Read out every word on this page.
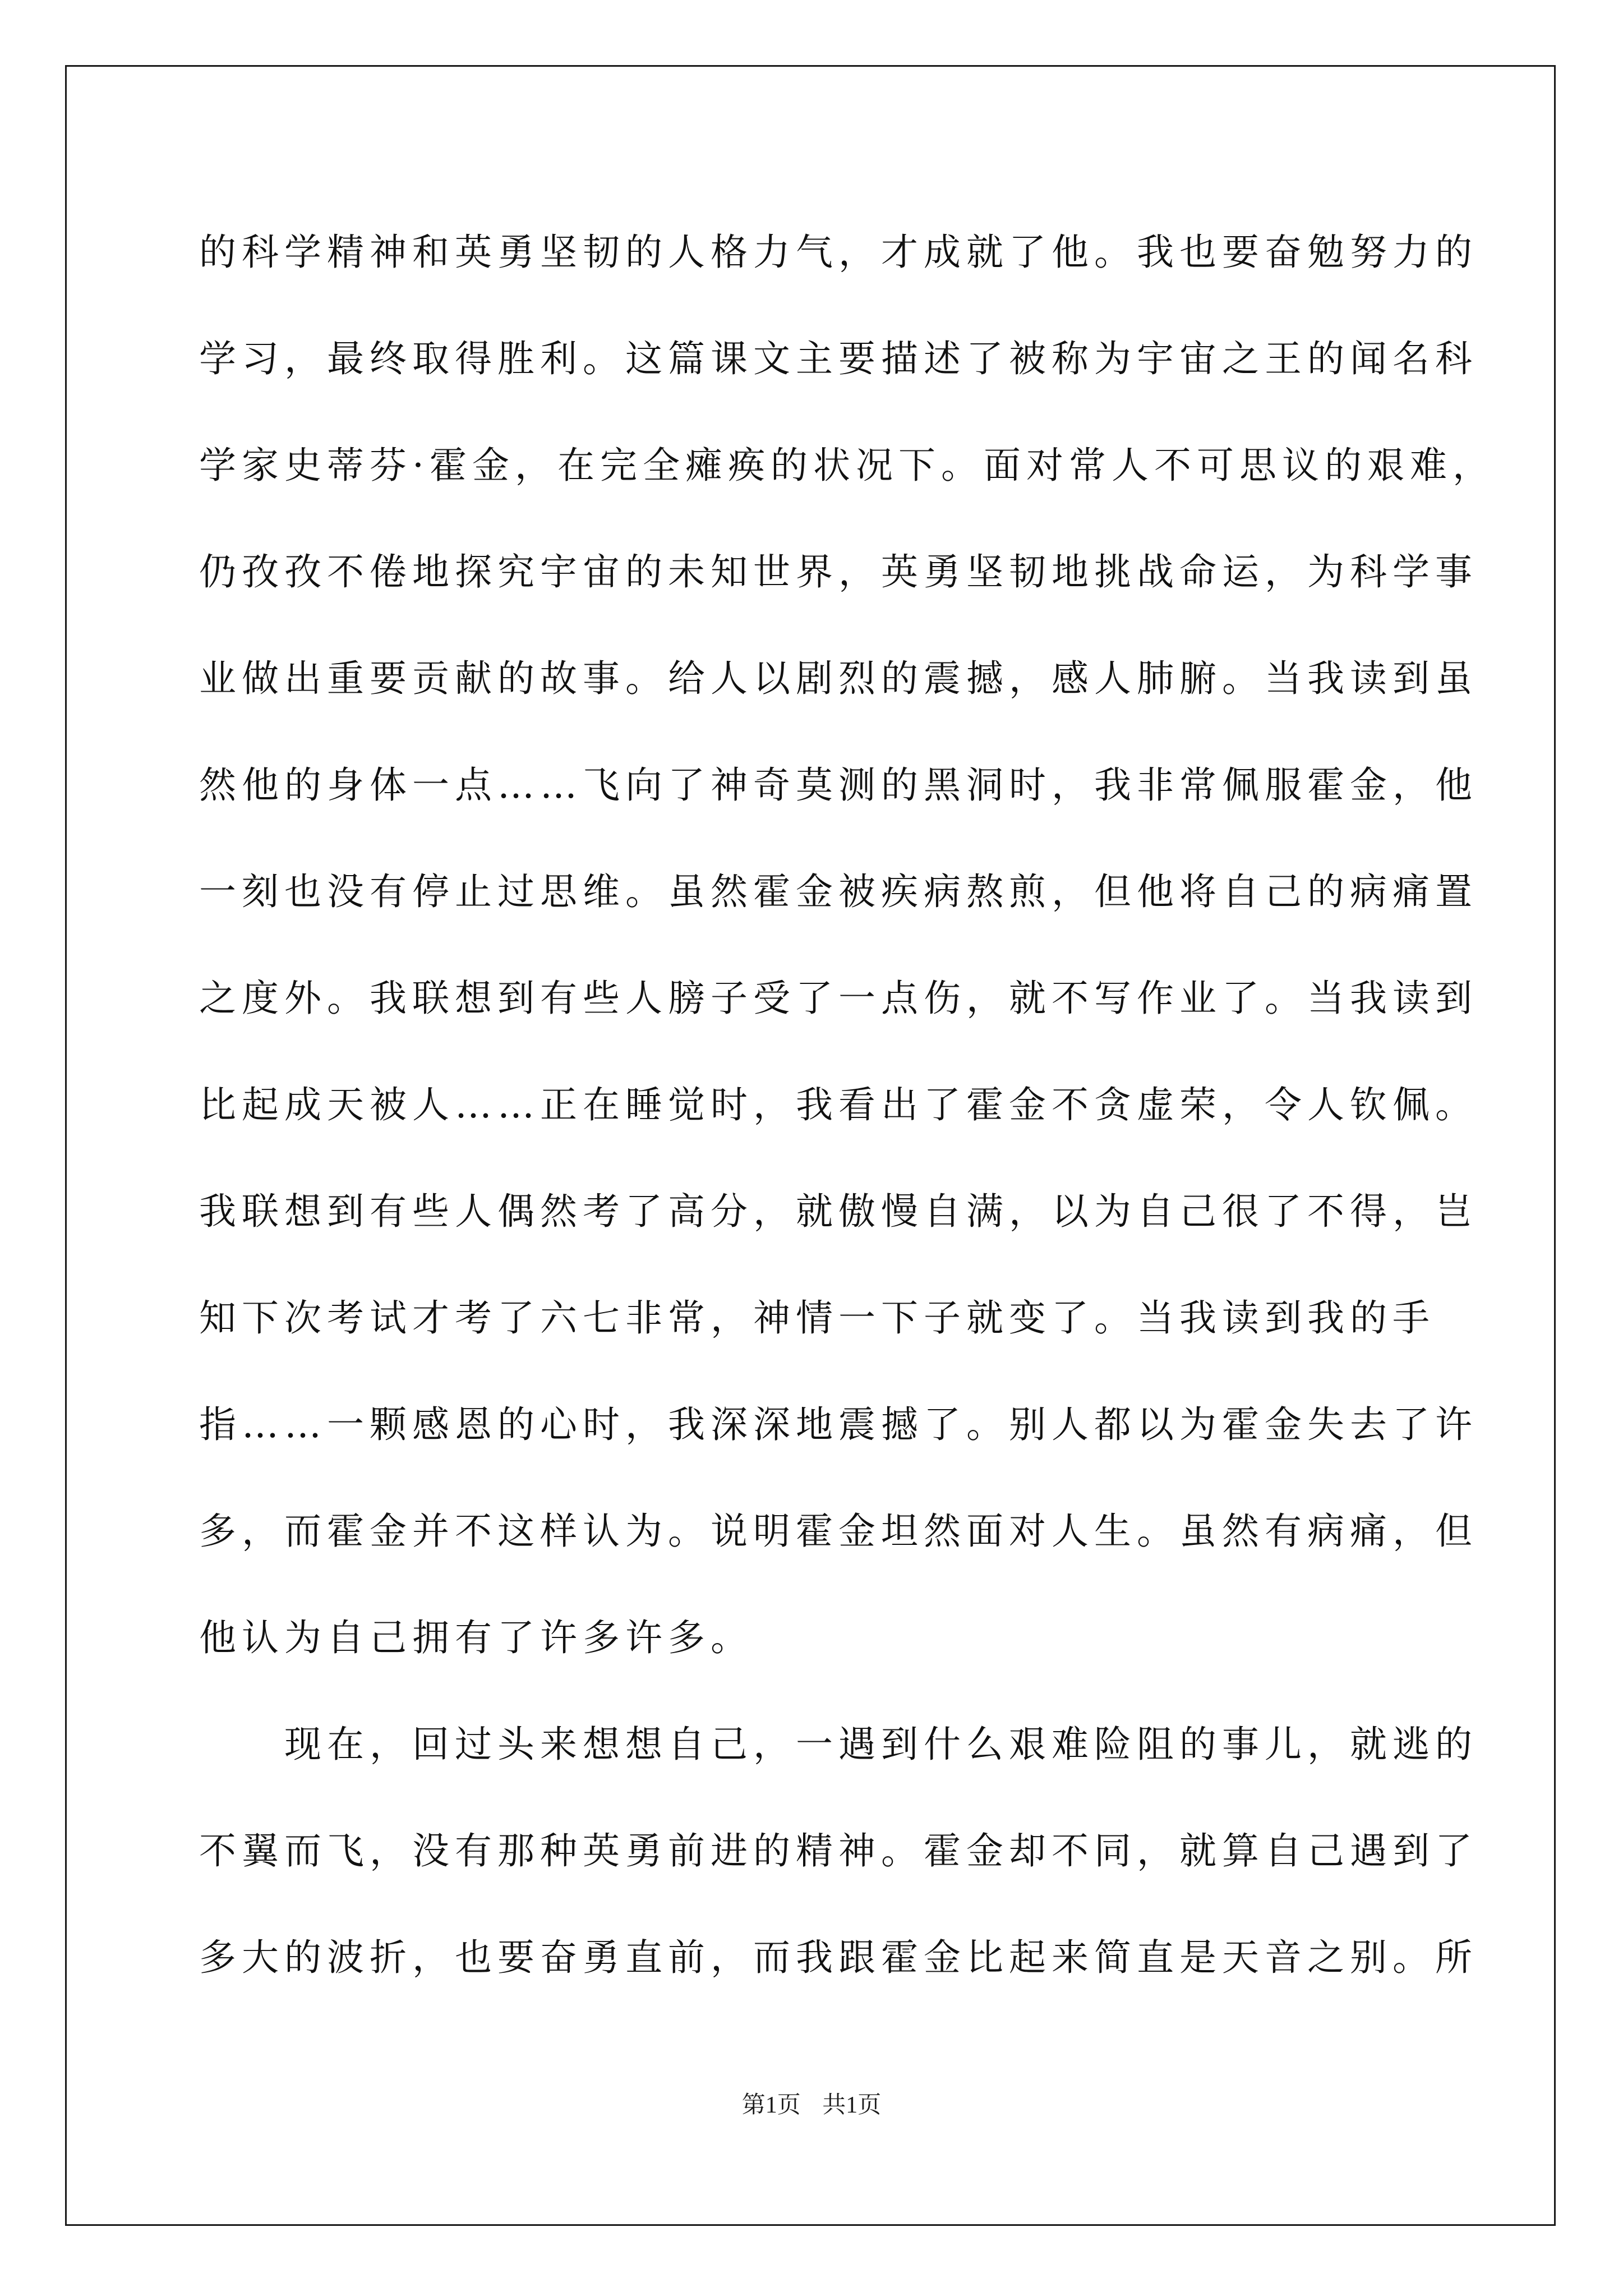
的科学精神和英勇坚韧的人格力气，才成就了他。我也要奋勉努力的
学习，最终取得胜利。这篇课文主要描述了被称为宇宙之王的闻名科
学家史蒂芬·霍金，在完全瘫痪的状况下。面对常人不可思议的艰难，
仍孜孜不倦地探究宇宙的未知世界，英勇坚韧地挑战命运，为科学事
业做出重要贡献的故事。给人以剧烈的震撼，感人肺腑。当我读到虽
然他的身体一点……飞向了神奇莫测的黑洞时，我非常佩服霍金，他
一刻也没有停止过思维。虽然霍金被疾病熬煎，但他将自己的病痛置
之度外。我联想到有些人膀子受了一点伤，就不写作业了。当我读到
比起成天被人……正在睡觉时，我看出了霍金不贪虚荣，令人钦佩。
我联想到有些人偶然考了高分，就傲慢自满，以为自己很了不得，岂
知下次考试才考了六七非常，神情一下子就变了。当我读到我的手
指……一颗感恩的心时，我深深地震撼了。别人都以为霍金失去了许
多，而霍金并不这样认为。说明霍金坦然面对人生。虽然有病痛，但
他认为自己拥有了许多许多。
现在，回过头来想想自己，一遇到什么艰难险阻的事儿，就逃的
不翼而飞，没有那种英勇前进的精神。霍金却不同，就算自己遇到了
多大的波折，也要奋勇直前，而我跟霍金比起来简直是天音之别。所
第1页 共1页
